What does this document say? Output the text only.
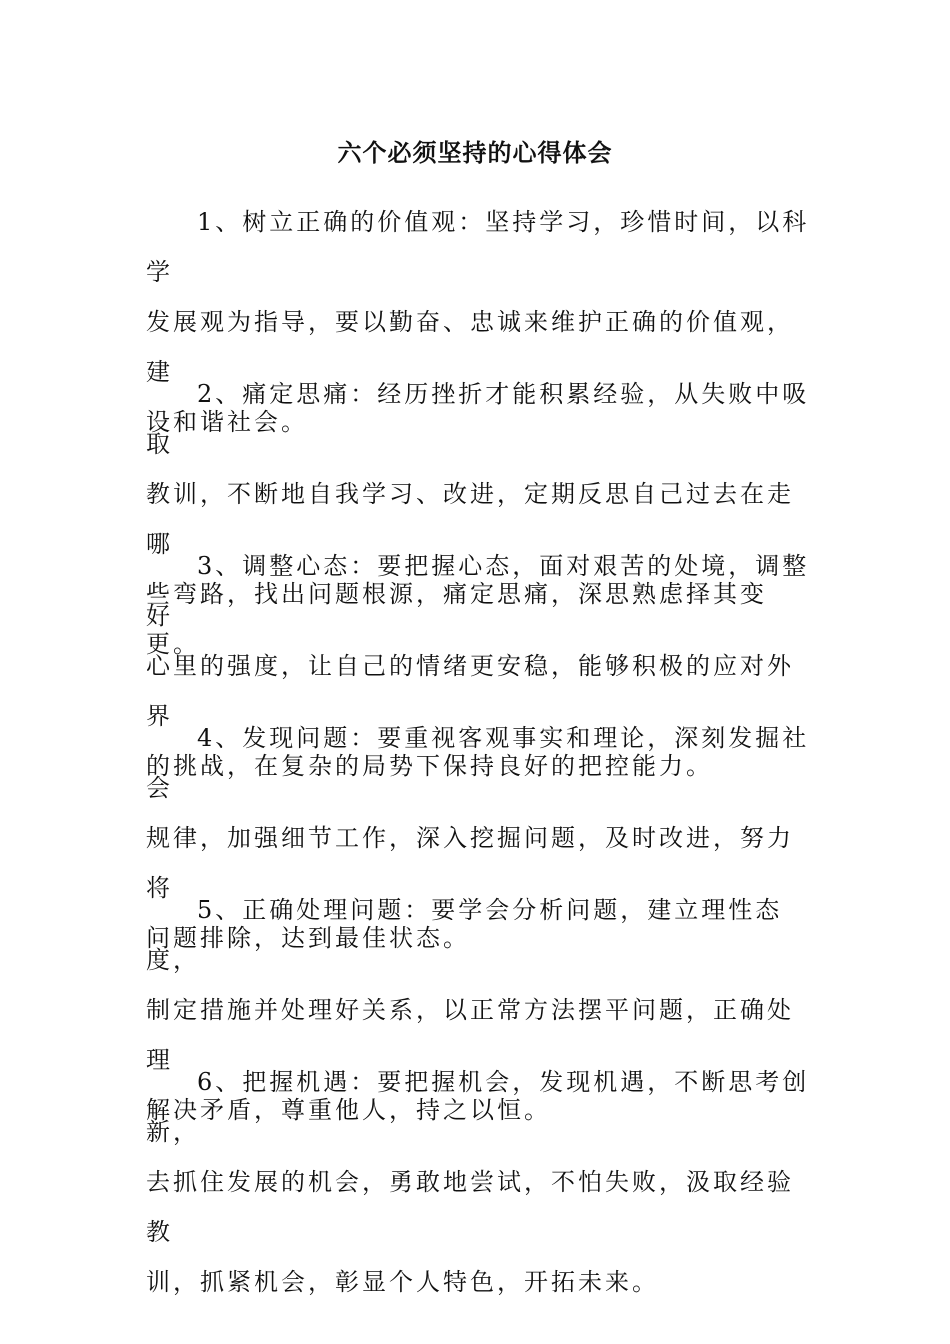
六个必须坚持的心得体会

1、树立正确的价值观：坚持学习，珍惜时间，以科学
发展观为指导，要以勤奋、忠诚来维护正确的价值观，建
设和谐社会。

2、痛定思痛：经历挫折才能积累经验，从失败中吸取
教训，不断地自我学习、改进，定期反思自己过去在走哪
些弯路，找出问题根源，痛定思痛，深思熟虑择其变更。

3、调整心态：要把握心态，面对艰苦的处境，调整好
心里的强度，让自己的情绪更安稳，能够积极的应对外界
的挑战，在复杂的局势下保持良好的把控能力。

4、发现问题：要重视客观事实和理论，深刻发掘社会
规律，加强细节工作，深入挖掘问题，及时改进，努力将
问题排除，达到最佳状态。

5、正确处理问题：要学会分析问题，建立理性态度，
制定措施并处理好关系，以正常方法摆平问题，正确处理
解决矛盾，尊重他人，持之以恒。

6、把握机遇：要把握机会，发现机遇，不断思考创新，
去抓住发展的机会，勇敢地尝试，不怕失败，汲取经验教
训，抓紧机会，彰显个人特色，开拓未来。
